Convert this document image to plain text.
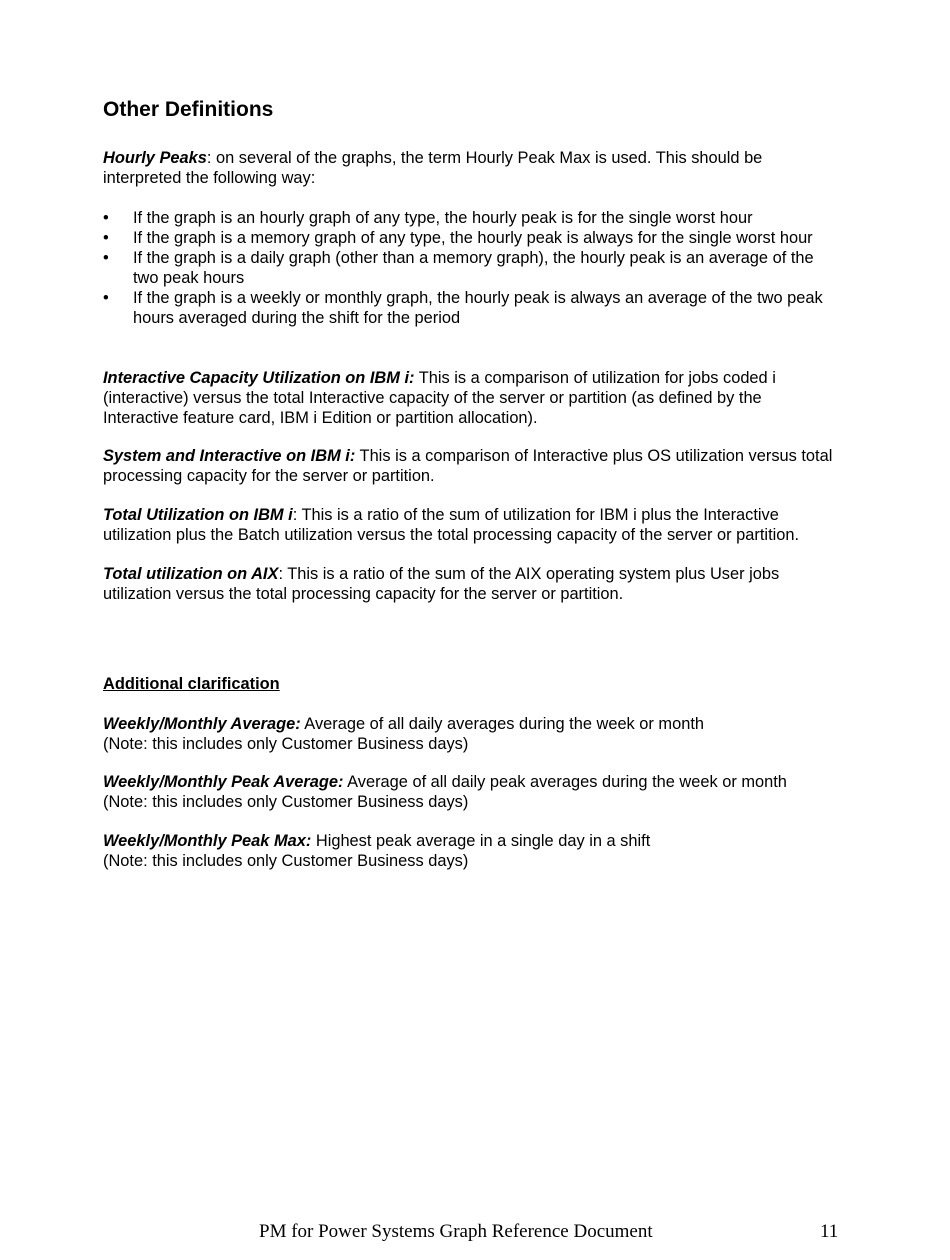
Other Definitions

Hourly Peaks: on several of the graphs, the term Hourly Peak Max is used. This should be interpreted the following way:

• If the graph is an hourly graph of any type, the hourly peak is for the single worst hour
• If the graph is a memory graph of any type, the hourly peak is always for the single worst hour
• If the graph is a daily graph (other than a memory graph), the hourly peak is an average of the two peak hours
• If the graph is a weekly or monthly graph, the hourly peak is always an average of the two peak hours averaged during the shift for the period

Interactive Capacity Utilization on IBM i: This is a comparison of utilization for jobs coded i (interactive) versus the total Interactive capacity of the server or partition (as defined by the Interactive feature card, IBM i Edition or partition allocation).

System and Interactive on IBM i: This is a comparison of Interactive plus OS utilization versus total processing capacity for the server or partition.

Total Utilization on IBM i: This is a ratio of the sum of utilization for IBM i plus the Interactive utilization plus the Batch utilization versus the total processing capacity of the server or partition.

Total utilization on AIX: This is a ratio of the sum of the AIX operating system plus User jobs utilization versus the total processing capacity for the server or partition.

Additional clarification

Weekly/Monthly Average: Average of all daily averages during the week or month
(Note: this includes only Customer Business days)

Weekly/Monthly Peak Average: Average of all daily peak averages during the week or month
(Note: this includes only Customer Business days)

Weekly/Monthly Peak Max: Highest peak average in a single day in a shift
(Note: this includes only Customer Business days)

PM for Power Systems Graph Reference Document	11
